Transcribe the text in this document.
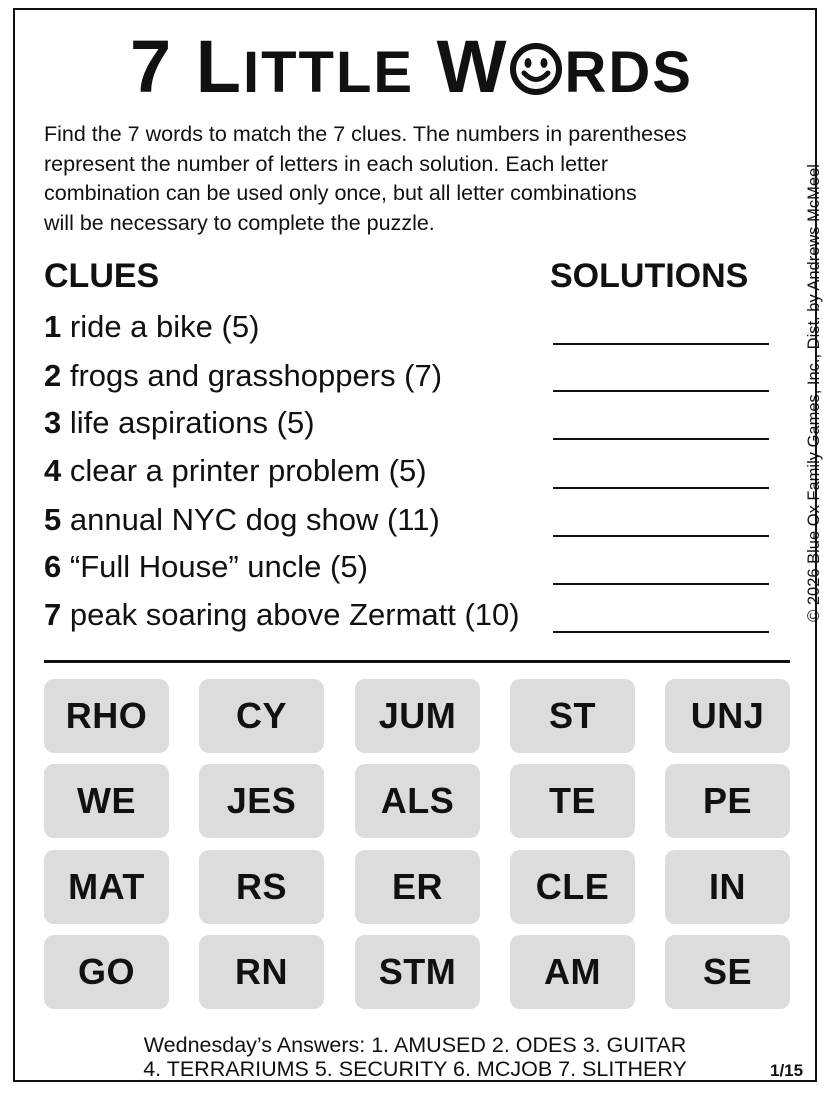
7 LITTLE W RDS
Find the 7 words to match the 7 clues. The numbers in parentheses
represent the number of letters in each solution. Each letter
combination can be used only once, but all letter combinations
will be necessary to complete the puzzle.
CLUES	SOLUTIONS
1 ride a bike (5)
2 frogs and grasshoppers (7)
3 life aspirations (5)
4 clear a printer problem (5)
5 annual NYC dog show (11)
6 “Full House” uncle (5)
7 peak soaring above Zermatt (10)	© 2026 Blue Ox Family Games, Inc., Dist. by Andrews McMeel
RHO	CY	JUM	ST	UNJ
WE	JES	ALS	TE	PE
MAT	RS	ER	CLE	IN
GO	RN	STM	AM	SE
Wednesday’s Answers: 1. AMUSED 2. ODES 3. GUITAR
4. TERRARIUMS 5. SECURITY 6. MCJOB 7. SLITHERY	1/15
